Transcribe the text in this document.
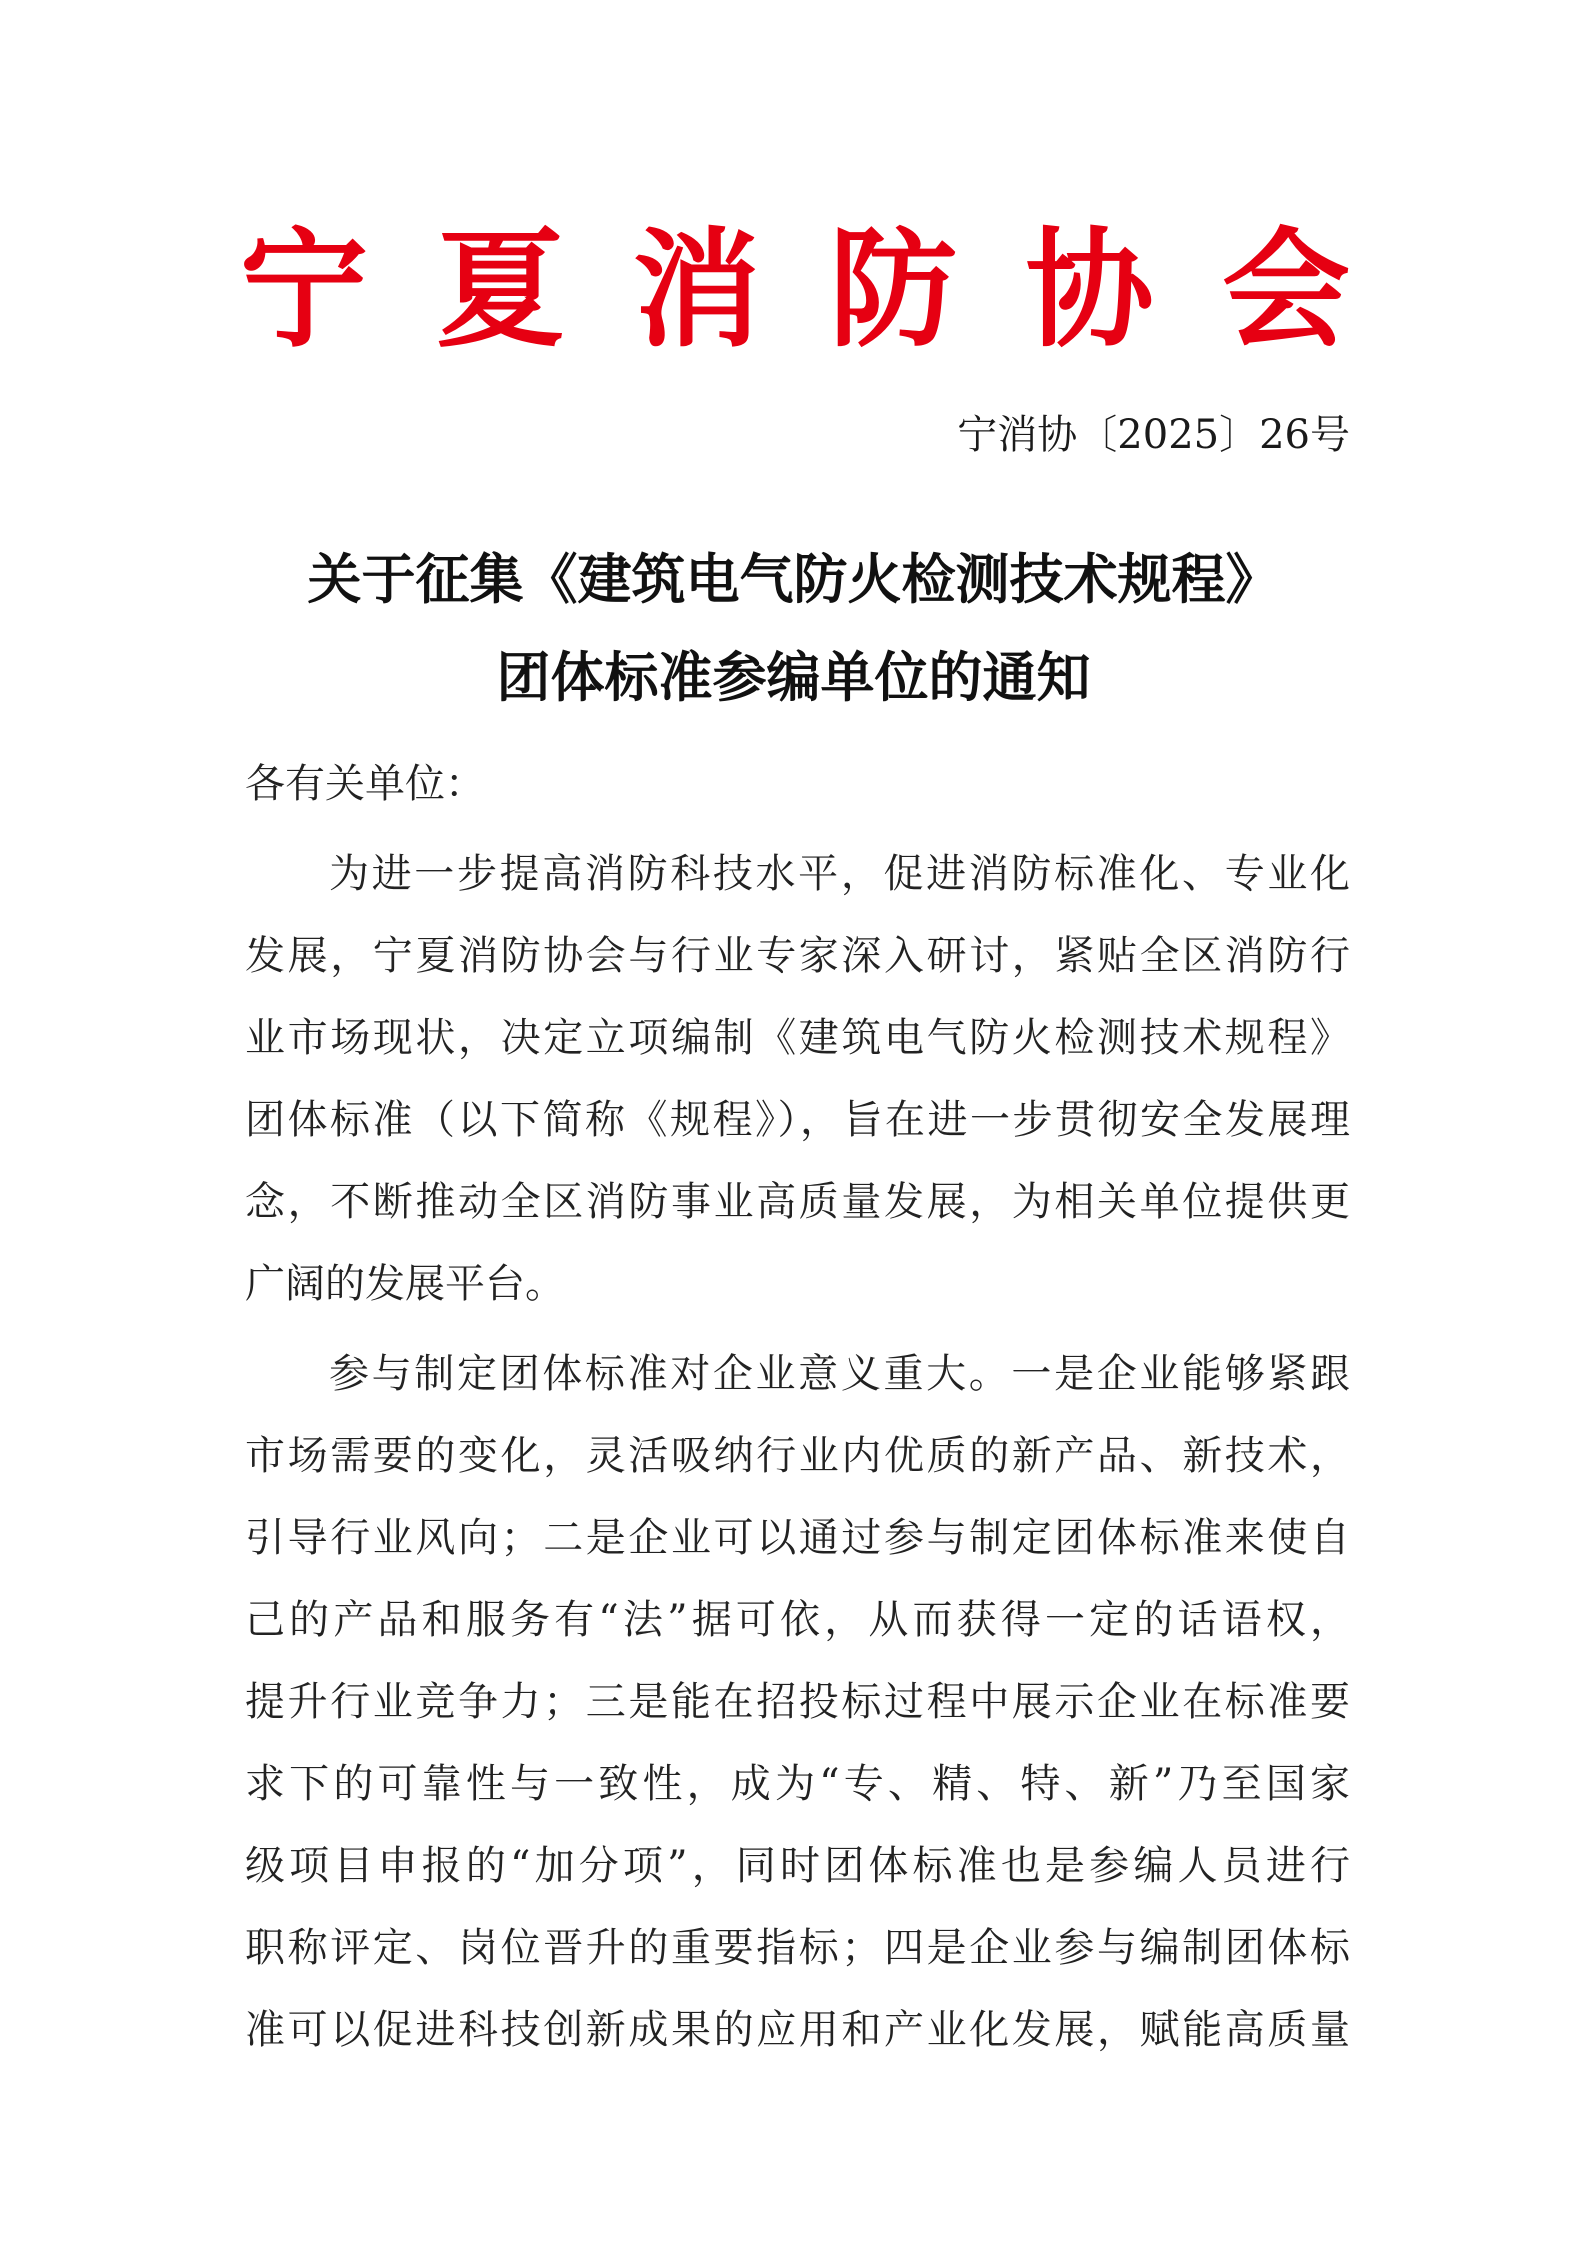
宁 夏 消 防 协 会
宁消协〔2025〕26号
关于征集《建筑电气防火检测技术规程》
团体标准参编单位的通知
各有关单位：
为进一步提高消防科技水平，促进消防标准化、专业化
发展，宁夏消防协会与行业专家深入研讨，紧贴全区消防行
业市场现状，决定立项编制《建筑电气防火检测技术规程》
团体标准（以下简称《规程》），旨在进一步贯彻安全发展理
念，不断推动全区消防事业高质量发展，为相关单位提供更
广阔的发展平台。
参与制定团体标准对企业意义重大。一是企业能够紧跟
市场需要的变化，灵活吸纳行业内优质的新产品、新技术，
引导行业风向；二是企业可以通过参与制定团体标准来使自
己的产品和服务有“法”据可依，从而获得一定的话语权，
提升行业竞争力；三是能在招投标过程中展示企业在标准要
求下的可靠性与一致性，成为“专、精、特、新”乃至国家
级项目申报的“加分项”，同时团体标准也是参编人员进行
职称评定、岗位晋升的重要指标；四是企业参与编制团体标
准可以促进科技创新成果的应用和产业化发展，赋能高质量
